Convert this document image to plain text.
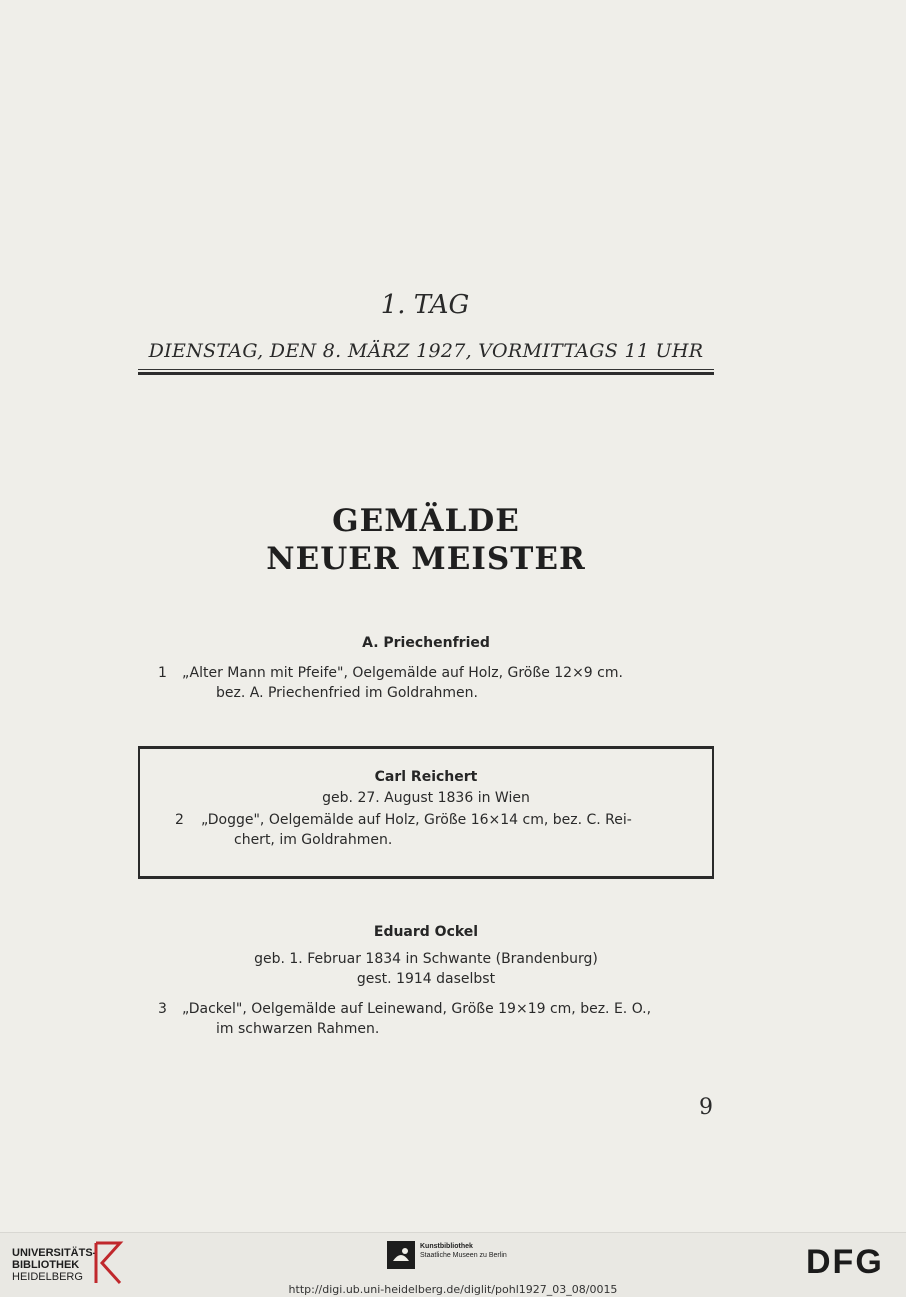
1. TAG
DIENSTAG, DEN 8. MÄRZ 1927, VORMITTAGS 11 UHR
GEMÄLDE
NEUER MEISTER
A. Priechenfried
1 „Alter Mann mit Pfeife", Oelgemälde auf Holz, Größe 12×9 cm.
bez. A. Priechenfried im Goldrahmen.
Carl Reichert
geb. 27. August 1836 in Wien
2 „Dogge", Oelgemälde auf Holz, Größe 16×14 cm, bez. C. Rei-
chert, im Goldrahmen.
Eduard Ockel
geb. 1. Februar 1834 in Schwante (Brandenburg)
gest. 1914 daselbst
3 „Dackel", Oelgemälde auf Leinewand, Größe 19×19 cm, bez. E. O.,
im schwarzen Rahmen.
9
UNIVERSITÄTS-
BIBLIOTHEK
HEIDELBERG
Kunstbibliothek
Staatliche Museen zu Berlin	DFG
http://digi.ub.uni-heidelberg.de/diglit/pohl1927_03_08/0015
